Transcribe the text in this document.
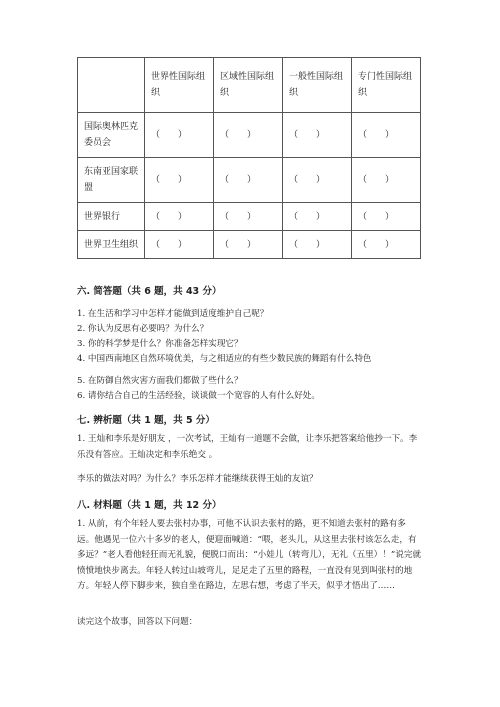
	世界性国际组织	区域性国际组织	一般性国际组织	专门性国际组织
国际奥林匹克委员会	（　　）	（　　）	（　　）	（　　）
东南亚国家联盟	（　　）	（　　）	（　　）	（　　）
世界银行	（　　）	（　　）	（　　）	（　　）
世界卫生组织	（　　）	（　　）	（　　）	（　　）
六. 简答题（共 6 题，共 43 分）
1. 在生活和学习中怎样才能做到适度维护自己呢？
2. 你认为反思有必要吗？为什么？
3. 你的科学梦是什么？你准备怎样实现它？
4. 中国西南地区自然环境优美，与之相适应的有些少数民族的舞蹈有什么特色
5. 在防御自然灾害方面我们都做了些什么？
6. 请你结合自己的生活经验，谈谈做一个宽容的人有什么好处。
七. 辨析题（共 1 题，共 5 分）
1. 王灿和李乐是好朋友 ，一次考试，王灿有一道题不会做，让李乐把答案给他抄一下。李乐没有答应。王灿决定和李乐绝交 。
李乐的做法对吗？为什么？李乐怎样才能继续获得王灿的友谊？
八. 材料题（共 1 题，共 12 分）
1. 从前，有个年轻人要去张村办事，可他不认识去张村的路，更不知道去张村的路有多远。他遇见一位六十多岁的老人，便迎面喊道：“喂，老头儿，从这里去张村该怎么走，有多远？”老人看他轻狂而无礼貌，便脱口而出：“小娃儿（转弯儿），无礼（五里）！”说完就愤愤地快步离去。年轻人转过山坡弯儿，足足走了五里的路程，一直没有见到叫张村的地方。年轻人停下脚步来，独自坐在路边，左思右想，考虑了半天，似乎才悟出了……
读完这个故事，回答以下问题：
